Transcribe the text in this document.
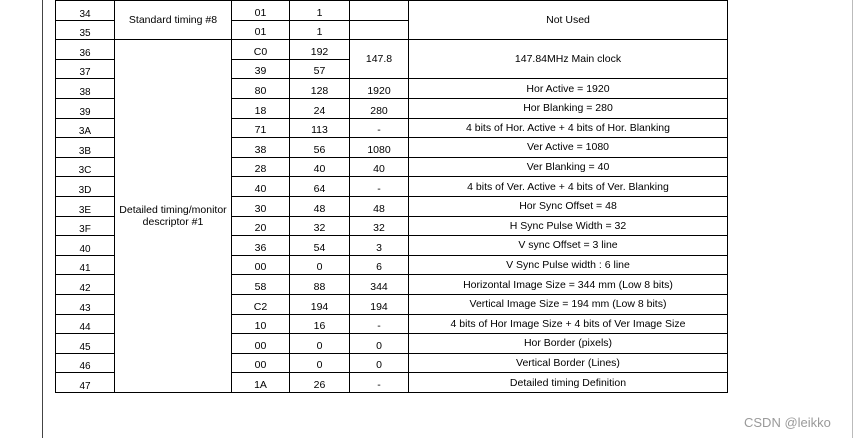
34	Standard timing #8	01	1		Not Used
35		01	1		
36	Detailed timing/monitor descriptor #1	C0	192	147.8	147.84MHz Main clock
37		39	57		
38		80	128	1920	Hor Active = 1920
39		18	24	280	Hor Blanking = 280
3A		71	113	-	4 bits of Hor. Active + 4 bits of Hor. Blanking
3B		38	56	1080	Ver Active = 1080
3C		28	40	40	Ver Blanking = 40
3D		40	64	-	4 bits of Ver. Active + 4 bits of Ver. Blanking
3E		30	48	48	Hor Sync Offset = 48
3F		20	32	32	H Sync Pulse Width = 32
40		36	54	3	V sync Offset = 3 line
41		00	0	6	V Sync Pulse width : 6 line
42		58	88	344	Horizontal Image Size = 344 mm (Low 8 bits)
43		C2	194	194	Vertical Image Size = 194 mm (Low 8 bits)
44		10	16	-	4 bits of Hor Image Size + 4 bits of Ver Image Size
45		00	0	0	Hor Border (pixels)
46		00	0	0	Vertical Border (Lines)
47		1A	26	-	Detailed timing Definition
CSDN @leikko
